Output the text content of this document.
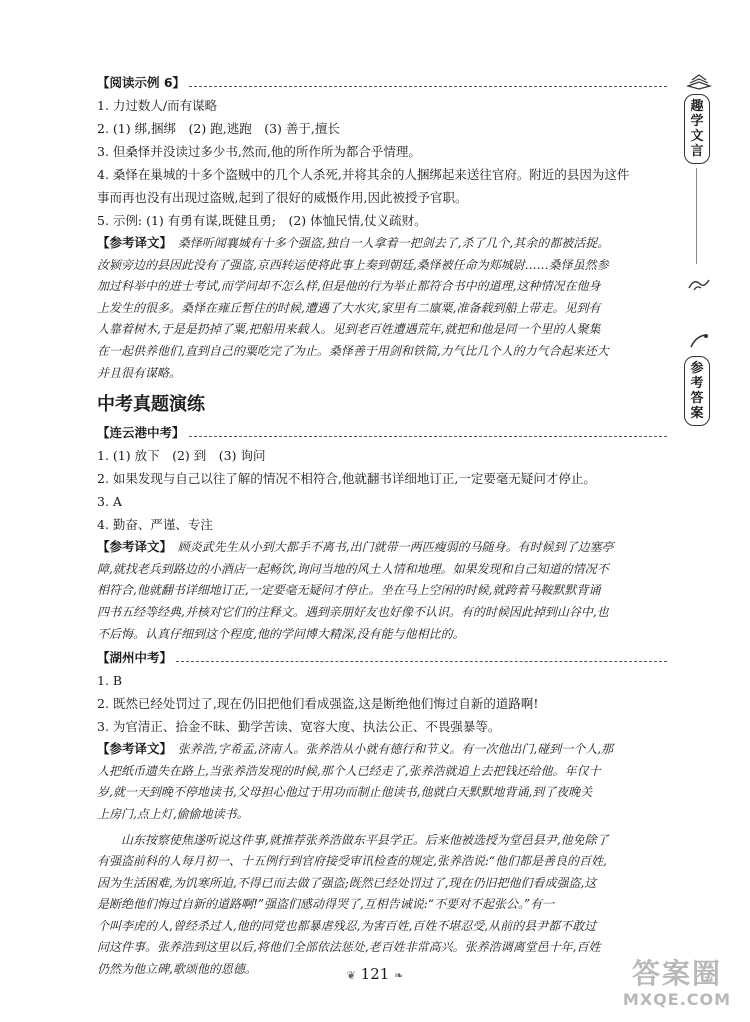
趣学文言
参考答案
【阅读示例 6】
1. 力过数人/而有谋略
2. (1) 绑,捆绑　(2) 跑,逃跑　(3) 善于,擅长
3. 但桑怿并没读过多少书,然而,他的所作所为都合乎情理。
4. 桑怿在巢城的十多个盗贼中的几个人杀死,并将其余的人捆绑起来送往官府。附近的县因为这件
事而再也没有出现过盗贼,起到了很好的威慑作用,因此被授予官职。
5. 示例: (1) 有勇有谋,既健且勇;　(2) 体恤民情,仗义疏财。
【参考译文】　桑怿听闻襄城有十多个强盗,独自一人拿着一把剑去了,杀了几个,其余的都被活捉。
汝颍旁边的县因此没有了强盗,京西转运使将此事上奏到朝廷,桑怿被任命为郏城尉……桑怿虽然参
加过科举中的进士考试,而学问却不怎么样,但是他的行为举止都符合书中的道理,这种情况在他身
上发生的很多。桑怿在雍丘暂住的时候,遭遇了大水灾,家里有二廪粟,准备载到船上带走。见到有
人靠着树木,于是是扔掉了粟,把船用来载人。见到老百姓遭遇荒年,就把和他是同一个里的人聚集
在一起供养他们,直到自己的粟吃完了为止。桑怿善于用剑和铁简,力气比几个人的力气合起来还大
并且很有谋略。
中考真题演练
【连云港中考】
1. (1) 放下　(2) 到　(3) 询问
2. 如果发现与自己以往了解的情况不相符合,他就翻书详细地订正,一定要毫无疑问才停止。
3. A
4. 勤奋、严谨、专注
【参考译文】　顾炎武先生从小到大都手不离书,出门就带一两匹瘦弱的马随身。有时候到了边塞亭
障,就找老兵到路边的小酒店一起畅饮,询问当地的风土人情和地理。如果发现和自己知道的情况不
相符合,他就翻书详细地订正,一定要毫无疑问才停止。坐在马上空闲的时候,就跨着马鞍默默背诵
四书五经等经典,并核对它们的注释文。遇到亲朋好友也好像不认识。有的时候因此掉到山谷中,也
不后悔。认真仔细到这个程度,他的学问博大精深,没有能与他相比的。
【湖州中考】
1. B
2. 既然已经处罚过了,现在仍旧把他们看成强盗,这是断绝他们悔过自新的道路啊!
3. 为官清正、拾金不昧、勤学苦读、宽容大度、执法公正、不畏强暴等。
【参考译文】　张养浩,字希孟,济南人。张养浩从小就有德行和节义。有一次他出门,碰到一个人,那
人把纸币遗失在路上,当张养浩发现的时候,那个人已经走了,张养浩就追上去把钱还给他。年仅十
岁,就一天到晚不停地读书,父母担心他过于用功而制止他读书,他就白天默默地背诵,到了夜晚关
上房门,点上灯,偷偷地读书。
山东按察使焦遂听说这件事,就推荐张养浩做东平县学正。后来他被选授为堂邑县尹,他免除了
有强盗前科的人每月初一、十五例行到官府接受审讯检查的规定,张养浩说:“他们都是善良的百姓,
因为生活困难,为饥寒所迫,不得已而去做了强盗;既然已经处罚过了,现在仍旧把他们看成强盗,这
是断绝他们悔过自新的道路啊!”强盗们感动得哭了,互相告诫说:“不要对不起张公。”有一
个叫李虎的人,曾经杀过人,他的同党也都暴虐残忍,为害百姓,百姓不堪忍受,从前的县尹都不敢过
问这件事。张养浩到这里以后,将他们全部依法惩处,老百姓非常高兴。张养浩调离堂邑十年,百姓
仍然为他立碑,歌颂他的恩德。	❦ 121 ❧	答案圈
MXQE.COM
